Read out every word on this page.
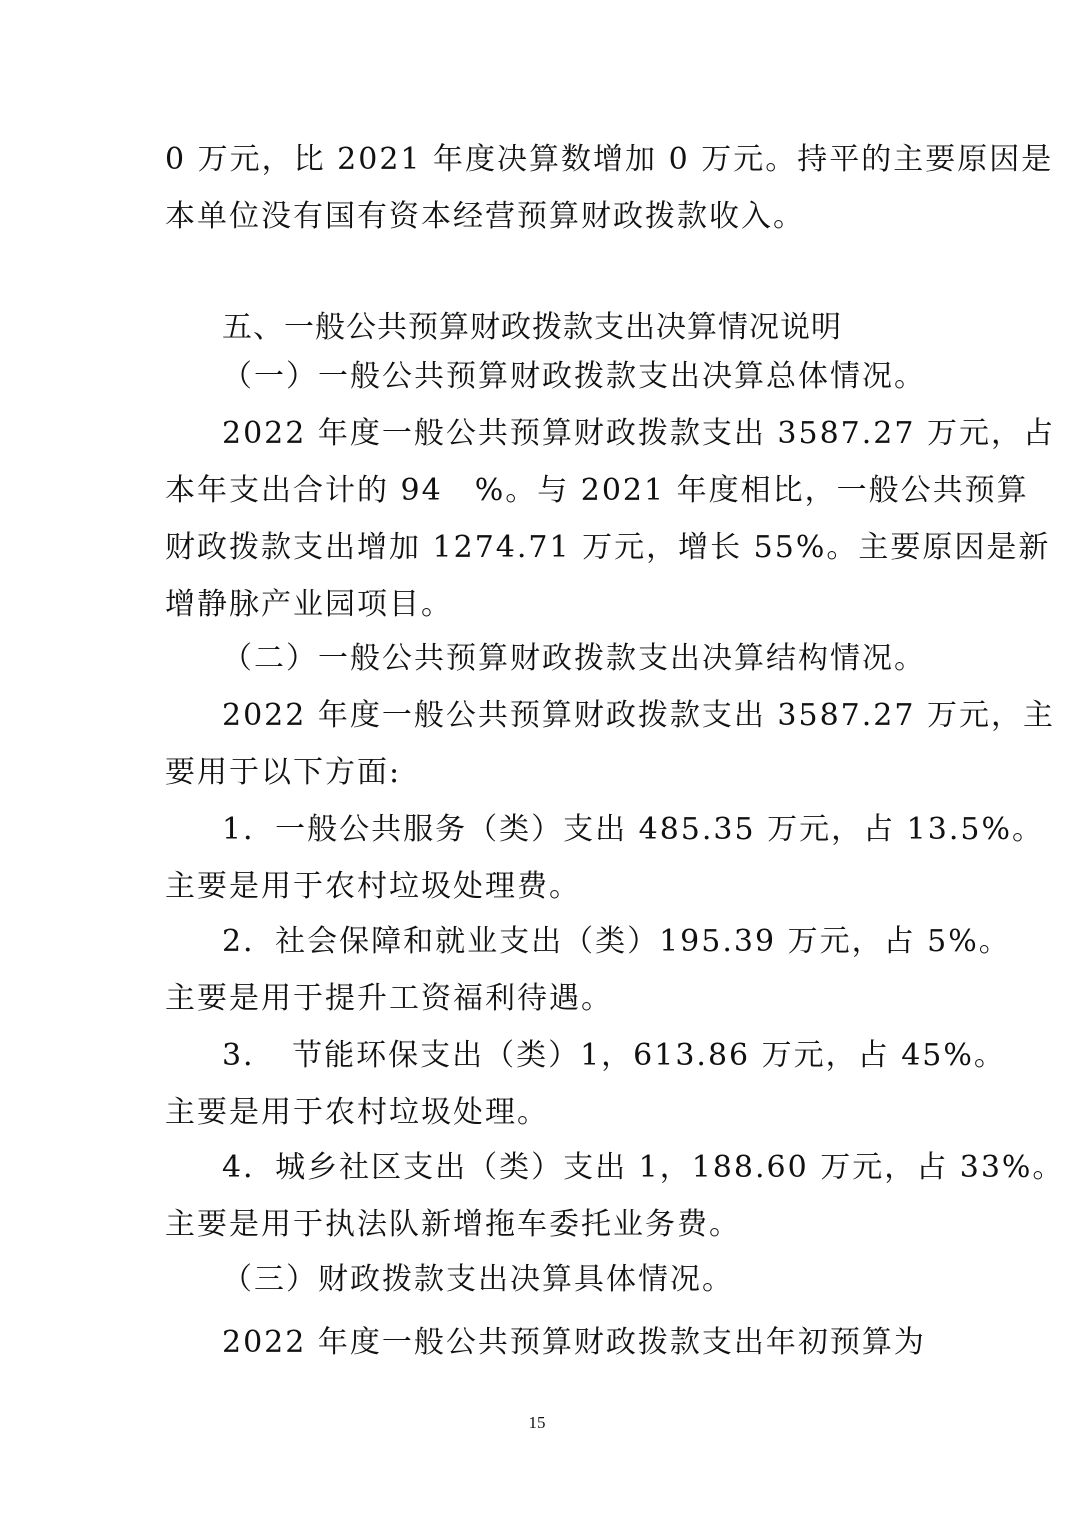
0 万元，比 2021 年度决算数增加 0 万元。持平的主要原因是
本单位没有国有资本经营预算财政拨款收入。
五、一般公共预算财政拨款支出决算情况说明
（一）一般公共预算财政拨款支出决算总体情况。
2022 年度一般公共预算财政拨款支出 3587.27 万元，占
本年支出合计的 94　%。与 2021 年度相比，一般公共预算
财政拨款支出增加 1274.71 万元，增长 55%。主要原因是新
增静脉产业园项目。
（二）一般公共预算财政拨款支出决算结构情况。
2022 年度一般公共预算财政拨款支出 3587.27 万元，主
要用于以下方面:
1．一般公共服务（类）支出 485.35 万元，占 13.5%。
主要是用于农村垃圾处理费。
2．社会保障和就业支出（类）195.39 万元，占 5%。
主要是用于提升工资福利待遇。
3．　节能环保支出（类）1，613.86 万元，占 45%。
主要是用于农村垃圾处理。
4．城乡社区支出（类）支出 1，188.60 万元，占 33%。
主要是用于执法队新增拖车委托业务费。
（三）财政拨款支出决算具体情况。
2022 年度一般公共预算财政拨款支出年初预算为
15
